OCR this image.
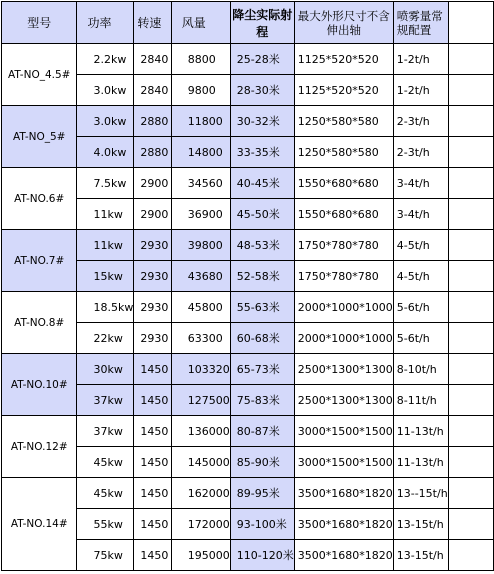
型号	功率	转速	风量	降尘实际射程	最大外形尺寸不含伸出轴	喷雾量常规配置	
AT-NO_4.5#	2.2kw	2840	8800	25-28米	1125*520*520	1-2t/h	
	3.0kw	2840	9800	28-30米	1125*520*520	1-2t/h	
AT-NO_5#	3.0kw	2880	11800	30-32米	1250*580*580	2-3t/h	
	4.0kw	2880	14800	33-35米	1250*580*580	2-3t/h	
AT-NO.6#	7.5kw	2900	34560	40-45米	1550*680*680	3-4t/h	
	11kw	2900	36900	45-50米	1550*680*680	3-4t/h	
AT-NO.7#	11kw	2930	39800	48-53米	1750*780*780	4-5t/h	
	15kw	2930	43680	52-58米	1750*780*780	4-5t/h	
AT-NO.8#	18.5kw	2930	45800	55-63米	2000*1000*1000	5-6t/h	
	22kw	2930	63300	60-68米	2000*1000*1000	5-6t/h	
AT-NO.10#	30kw	1450	103320	65-73米	2500*1300*1300	8-10t/h	
	37kw	1450	127500	75-83米	2500*1300*1300	8-11t/h	
AT-NO.12#	37kw	1450	136000	80-87米	3000*1500*1500	11-13t/h	
	45kw	1450	145000	85-90米	3000*1500*1500	11-13t/h	
AT-NO.14#	45kw	1450	162000	89-95米	3500*1680*1820	13--15t/h	
	55kw	1450	172000	93-100米	3500*1680*1820	13-15t/h	
	75kw	1450	195000	110-120米	3500*1680*1820	13-15t/h	
